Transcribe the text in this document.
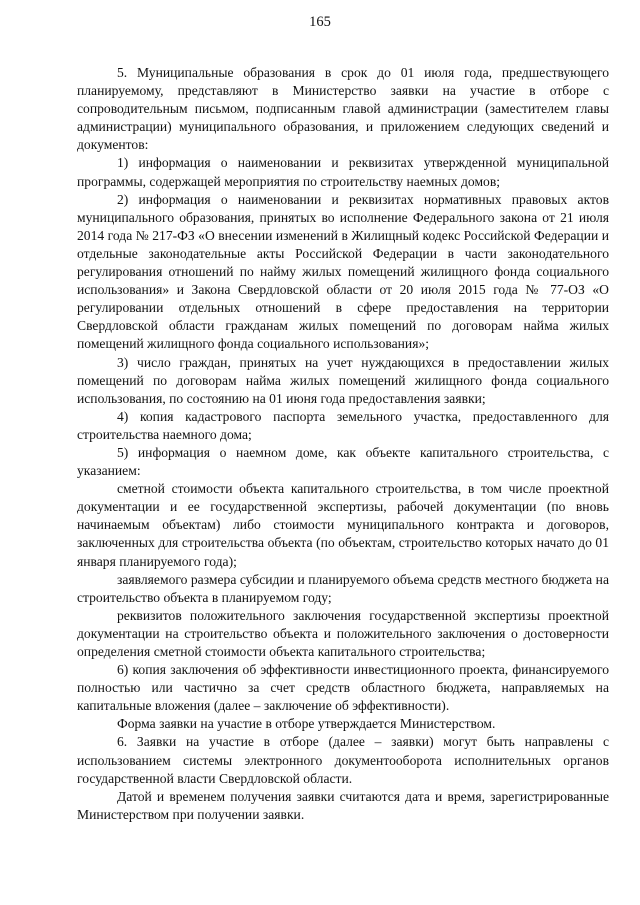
165

5. Муниципальные образования в срок до 01 июля года, предшествующего планируемому, представляют в Министерство заявки на участие в отборе с сопроводительным письмом, подписанным главой администрации (заместителем главы администрации) муниципального образования, и приложением следующих сведений и документов:

1) информация о наименовании и реквизитах утвержденной муниципальной программы, содержащей мероприятия по строительству наемных домов;

2) информация о наименовании и реквизитах нормативных правовых актов муниципального образования, принятых во исполнение Федерального закона от 21 июля 2014 года № 217-ФЗ «О внесении изменений в Жилищный кодекс Российской Федерации и отдельные законодательные акты Российской Федерации в части законодательного регулирования отношений по найму жилых помещений жилищного фонда социального использования» и Закона Свердловской области от 20 июля 2015 года № 77-ОЗ «О регулировании отдельных отношений в сфере предоставления на территории Свердловской области гражданам жилых помещений по договорам найма жилых помещений жилищного фонда социального использования»;

3) число граждан, принятых на учет нуждающихся в предоставлении жилых помещений по договорам найма жилых помещений жилищного фонда социального использования, по состоянию на 01 июня года предоставления заявки;

4) копия кадастрового паспорта земельного участка, предоставленного для строительства наемного дома;

5) информация о наемном доме, как объекте капитального строительства, с указанием:

сметной стоимости объекта капитального строительства, в том числе проектной документации и ее государственной экспертизы, рабочей документации (по вновь начинаемым объектам) либо стоимости муниципального контракта и договоров, заключенных для строительства объекта (по объектам, строительство которых начато до 01 января планируемого года);

заявляемого размера субсидии и планируемого объема средств местного бюджета на строительство объекта в планируемом году;

реквизитов положительного заключения государственной экспертизы проектной документации на строительство объекта и положительного заключения о достоверности определения сметной стоимости объекта капитального строительства;

6) копия заключения об эффективности инвестиционного проекта, финансируемого полностью или частично за счет средств областного бюджета, направляемых на капитальные вложения (далее – заключение об эффективности).

Форма заявки на участие в отборе утверждается Министерством.

6. Заявки на участие в отборе (далее – заявки) могут быть направлены с использованием системы электронного документооборота исполнительных органов государственной власти Свердловской области.

Датой и временем получения заявки считаются дата и время, зарегистрированные Министерством при получении заявки.
